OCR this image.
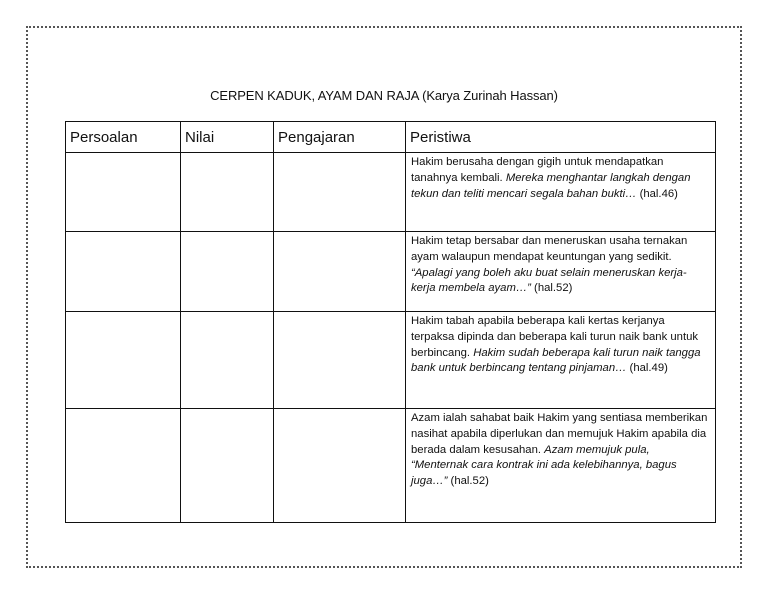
CERPEN KADUK, AYAM DAN RAJA (Karya Zurinah Hassan)
Persoalan	Nilai	Pengajaran	Peristiwa
			Hakim berusaha dengan gigih untuk mendapatkan tanahnya kembali. Mereka menghantar langkah dengan tekun dan teliti mencari segala bahan bukti… (hal.46)
			Hakim tetap bersabar dan meneruskan usaha ternakan ayam walaupun mendapat keuntungan yang sedikit. “Apalagi yang boleh aku buat selain meneruskan kerja-kerja membela ayam…” (hal.52)
			Hakim tabah apabila beberapa kali kertas kerjanya terpaksa dipinda dan beberapa kali turun naik bank untuk berbincang. Hakim sudah beberapa kali turun naik tangga bank untuk berbincang tentang pinjaman… (hal.49)
			Azam ialah sahabat baik Hakim yang sentiasa memberikan nasihat apabila diperlukan dan memujuk Hakim apabila dia berada dalam kesusahan. Azam memujuk pula, “Menternak cara kontrak ini ada kelebihannya, bagus juga…” (hal.52)
